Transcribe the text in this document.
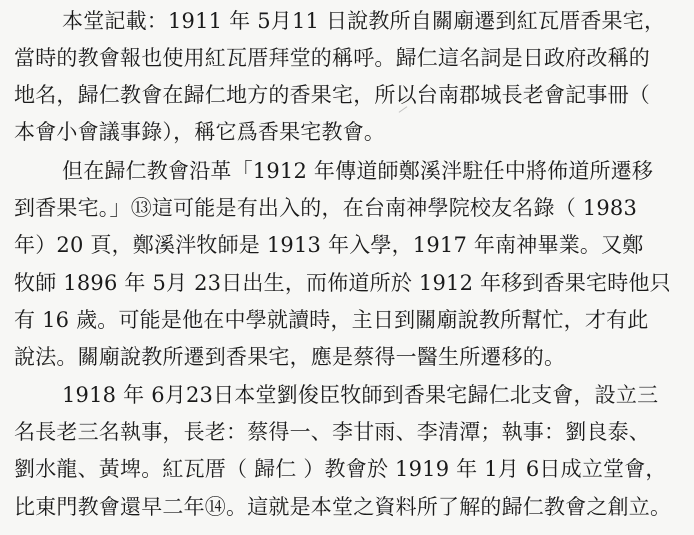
本堂記載：1911 年 5月11 日說教所自關廟遷到紅瓦厝香果宅，
當時的教會報也使用紅瓦厝拜堂的稱呼。歸仁這名詞是日政府改稱的
地名，歸仁教會在歸仁地方的香果宅，所以台南郡城長老會記事冊（
本會小會議事錄），稱它爲香果宅教會。
但在歸仁教會沿革「1912 年傳道師鄭溪泮駐任中將佈道所遷移
到香果宅。」⑬這可能是有出入的，在台南神學院校友名錄（ 1983
年）20 頁，鄭溪泮牧師是 1913 年入學，1917 年南神畢業。又鄭
牧師 1896 年 5月 23日出生，而佈道所於 1912 年移到香果宅時他只
有 16 歲。可能是他在中學就讀時，主日到關廟說教所幫忙，才有此
說法。關廟說教所遷到香果宅，應是蔡得一醫生所遷移的。
1918 年 6月23日本堂劉俊臣牧師到香果宅歸仁北支會，設立三
名長老三名執事，長老：蔡得一、李甘雨、李清潭；執事：劉良泰、
劉水龍、黃埤。紅瓦厝（ 歸仁 ）教會於 1919 年 1月 6日成立堂會，
比東門教會還早二年⑭。這就是本堂之資料所了解的歸仁教會之創立。
